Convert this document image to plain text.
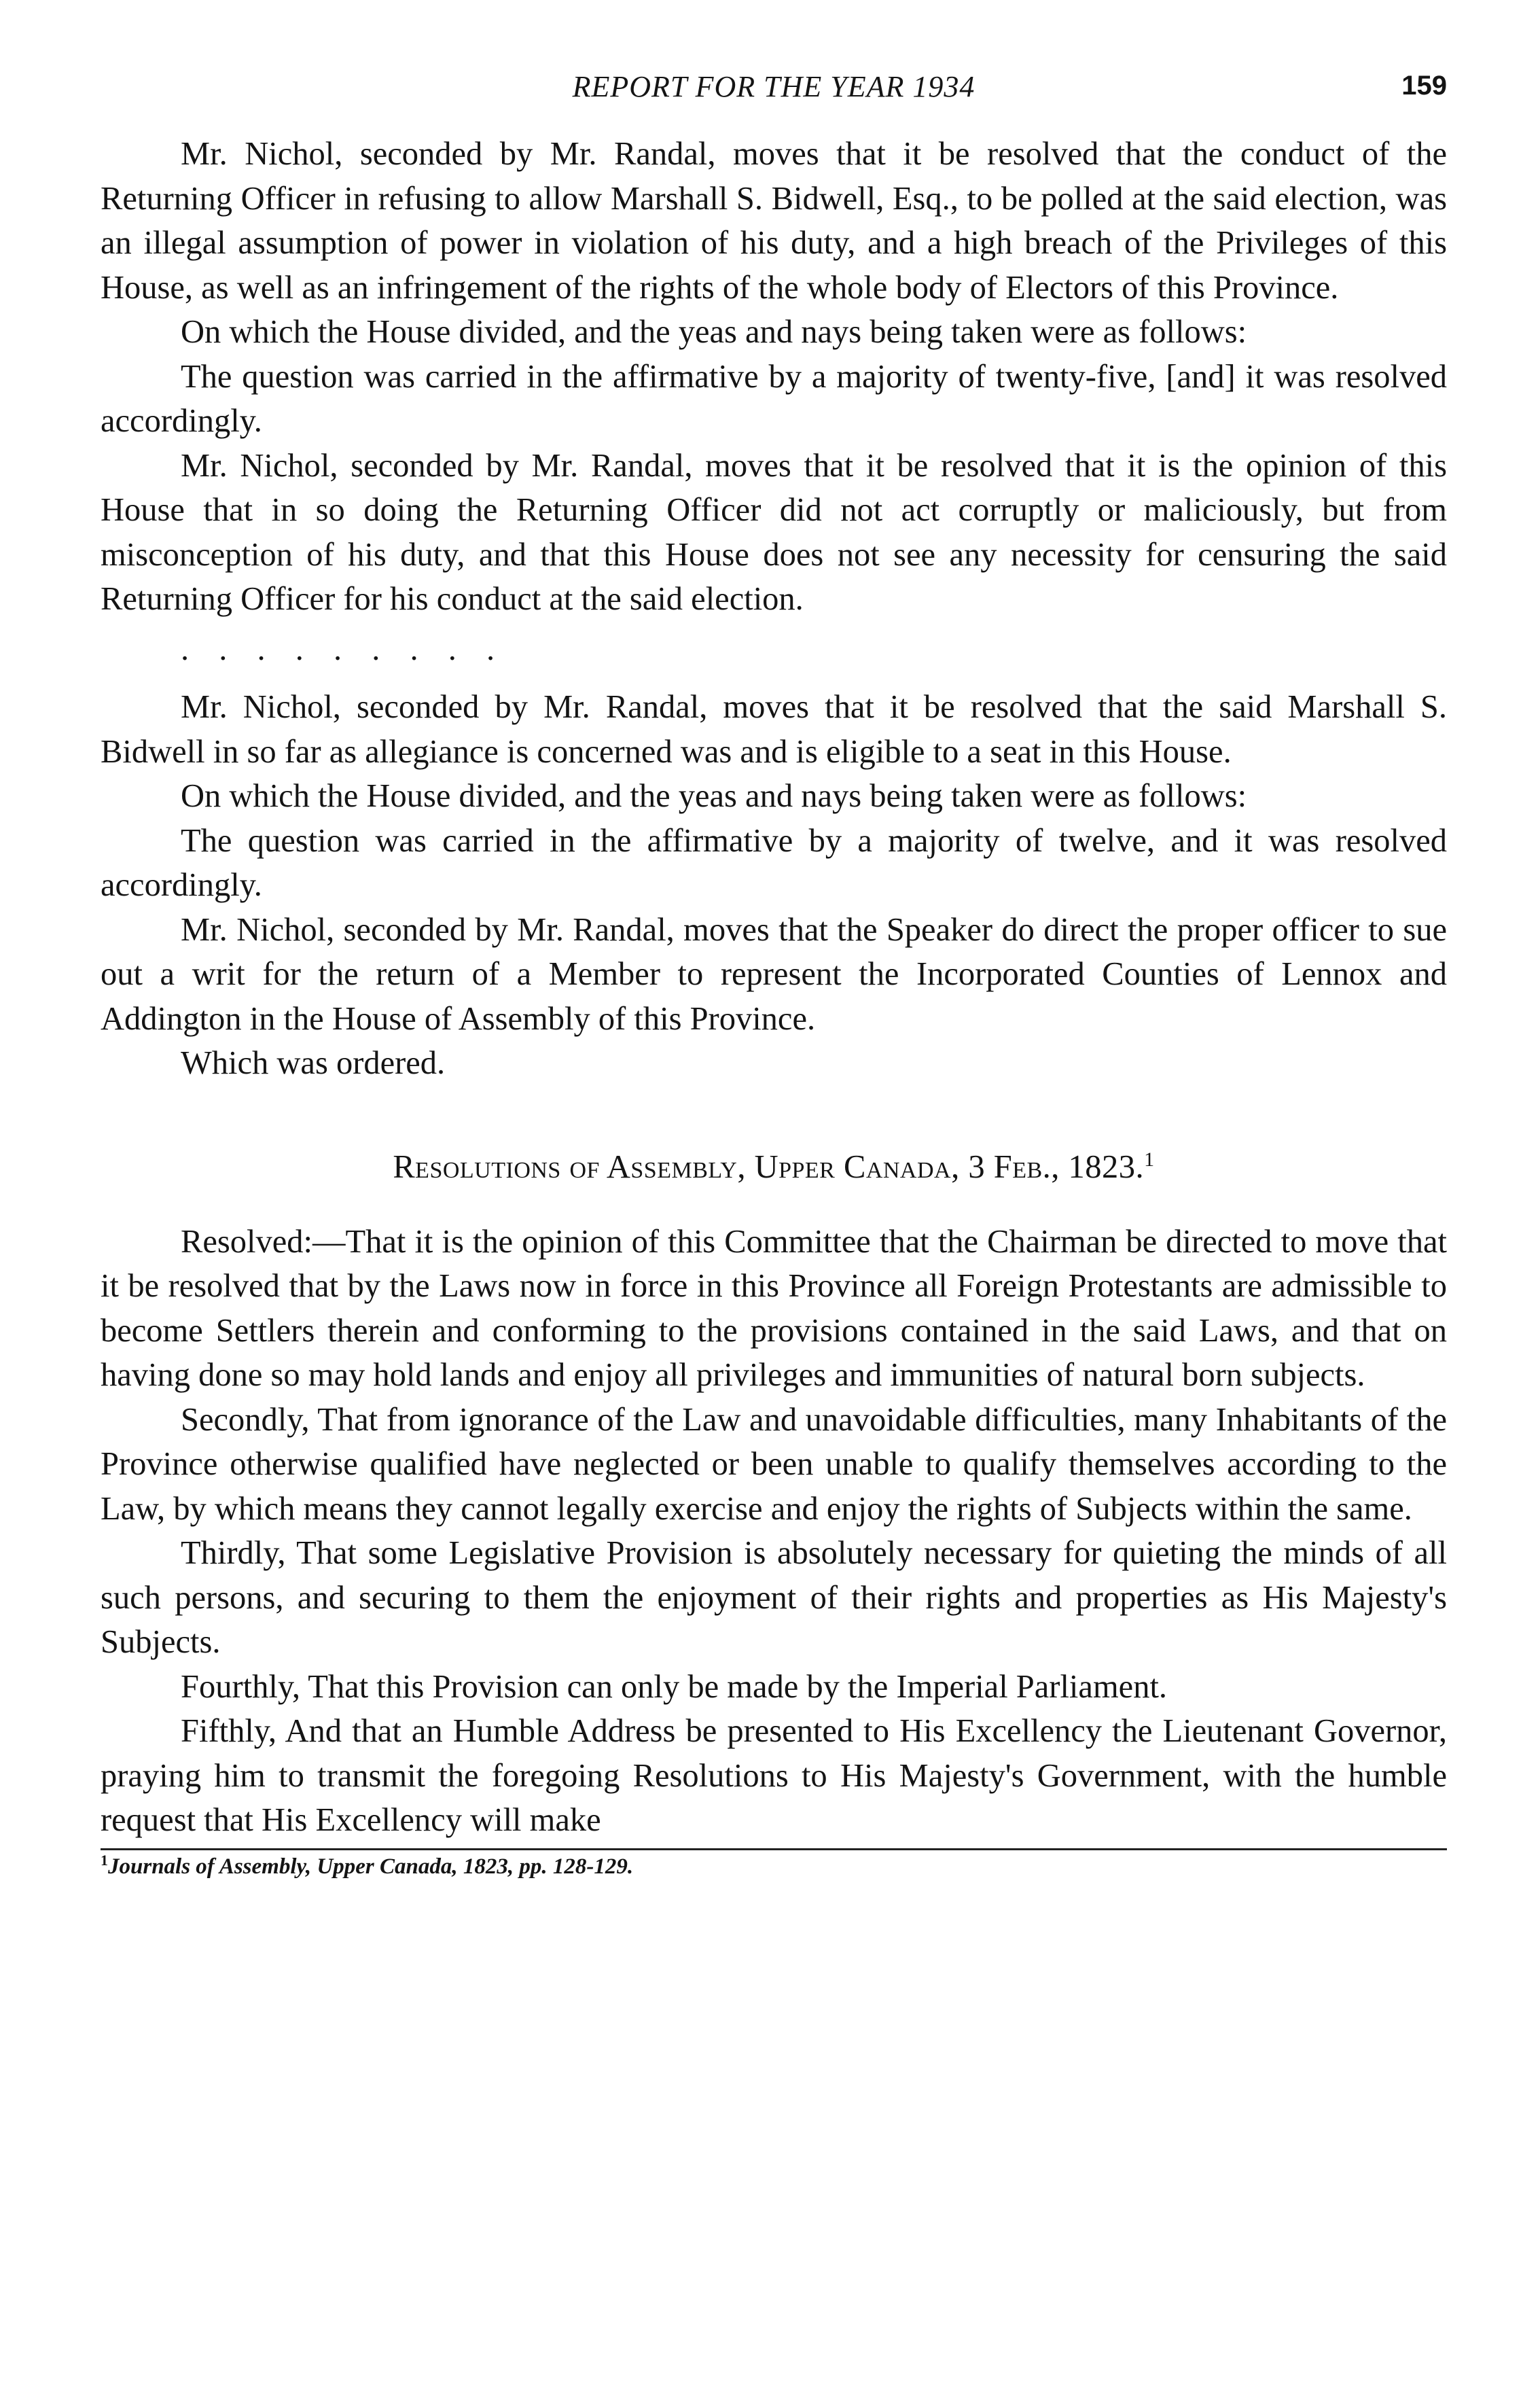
REPORT FOR THE YEAR 1934	159

Mr. Nichol, seconded by Mr. Randal, moves that it be resolved that the conduct of the Returning Officer in refusing to allow Marshall S. Bidwell, Esq., to be polled at the said election, was an illegal assumption of power in violation of his duty, and a high breach of the Privileges of this House, as well as an infringement of the rights of the whole body of Electors of this Province.

On which the House divided, and the yeas and nays being taken were as follows:

The question was carried in the affirmative by a majority of twenty-five, [and] it was resolved accordingly.

Mr. Nichol, seconded by Mr. Randal, moves that it be resolved that it is the opinion of this House that in so doing the Returning Officer did not act corruptly or maliciously, but from misconception of his duty, and that this House does not see any necessity for censuring the said Returning Officer for his conduct at the said election.

. . . . . . . . .

Mr. Nichol, seconded by Mr. Randal, moves that it be resolved that the said Marshall S. Bidwell in so far as allegiance is concerned was and is eligible to a seat in this House.

On which the House divided, and the yeas and nays being taken were as follows:

The question was carried in the affirmative by a majority of twelve, and it was resolved accordingly.

Mr. Nichol, seconded by Mr. Randal, moves that the Speaker do direct the proper officer to sue out a writ for the return of a Member to represent the Incorporated Counties of Lennox and Addington in the House of Assembly of this Province.

Which was ordered.

Resolutions of Assembly, Upper Canada, 3 Feb., 1823.$^1$

Resolved:—That it is the opinion of this Committee that the Chairman be directed to move that it be resolved that by the Laws now in force in this Province all Foreign Protestants are admissible to become Settlers therein and conforming to the provisions contained in the said Laws, and that on having done so may hold lands and enjoy all privileges and immunities of natural born subjects.

Secondly, That from ignorance of the Law and unavoidable difficulties, many Inhabitants of the Province otherwise qualified have neglected or been unable to qualify themselves according to the Law, by which means they cannot legally exercise and enjoy the rights of Subjects within the same.

Thirdly, That some Legislative Provision is absolutely necessary for quieting the minds of all such persons, and securing to them the enjoyment of their rights and properties as His Majesty's Subjects.

Fourthly, That this Provision can only be made by the Imperial Parliament.

Fifthly, And that an Humble Address be presented to His Excellency the Lieutenant Governor, praying him to transmit the foregoing Resolutions to His Majesty's Government, with the humble request that His Excellency will make

$^1$Journals of Assembly, Upper Canada, 1823, pp. 128-129.
